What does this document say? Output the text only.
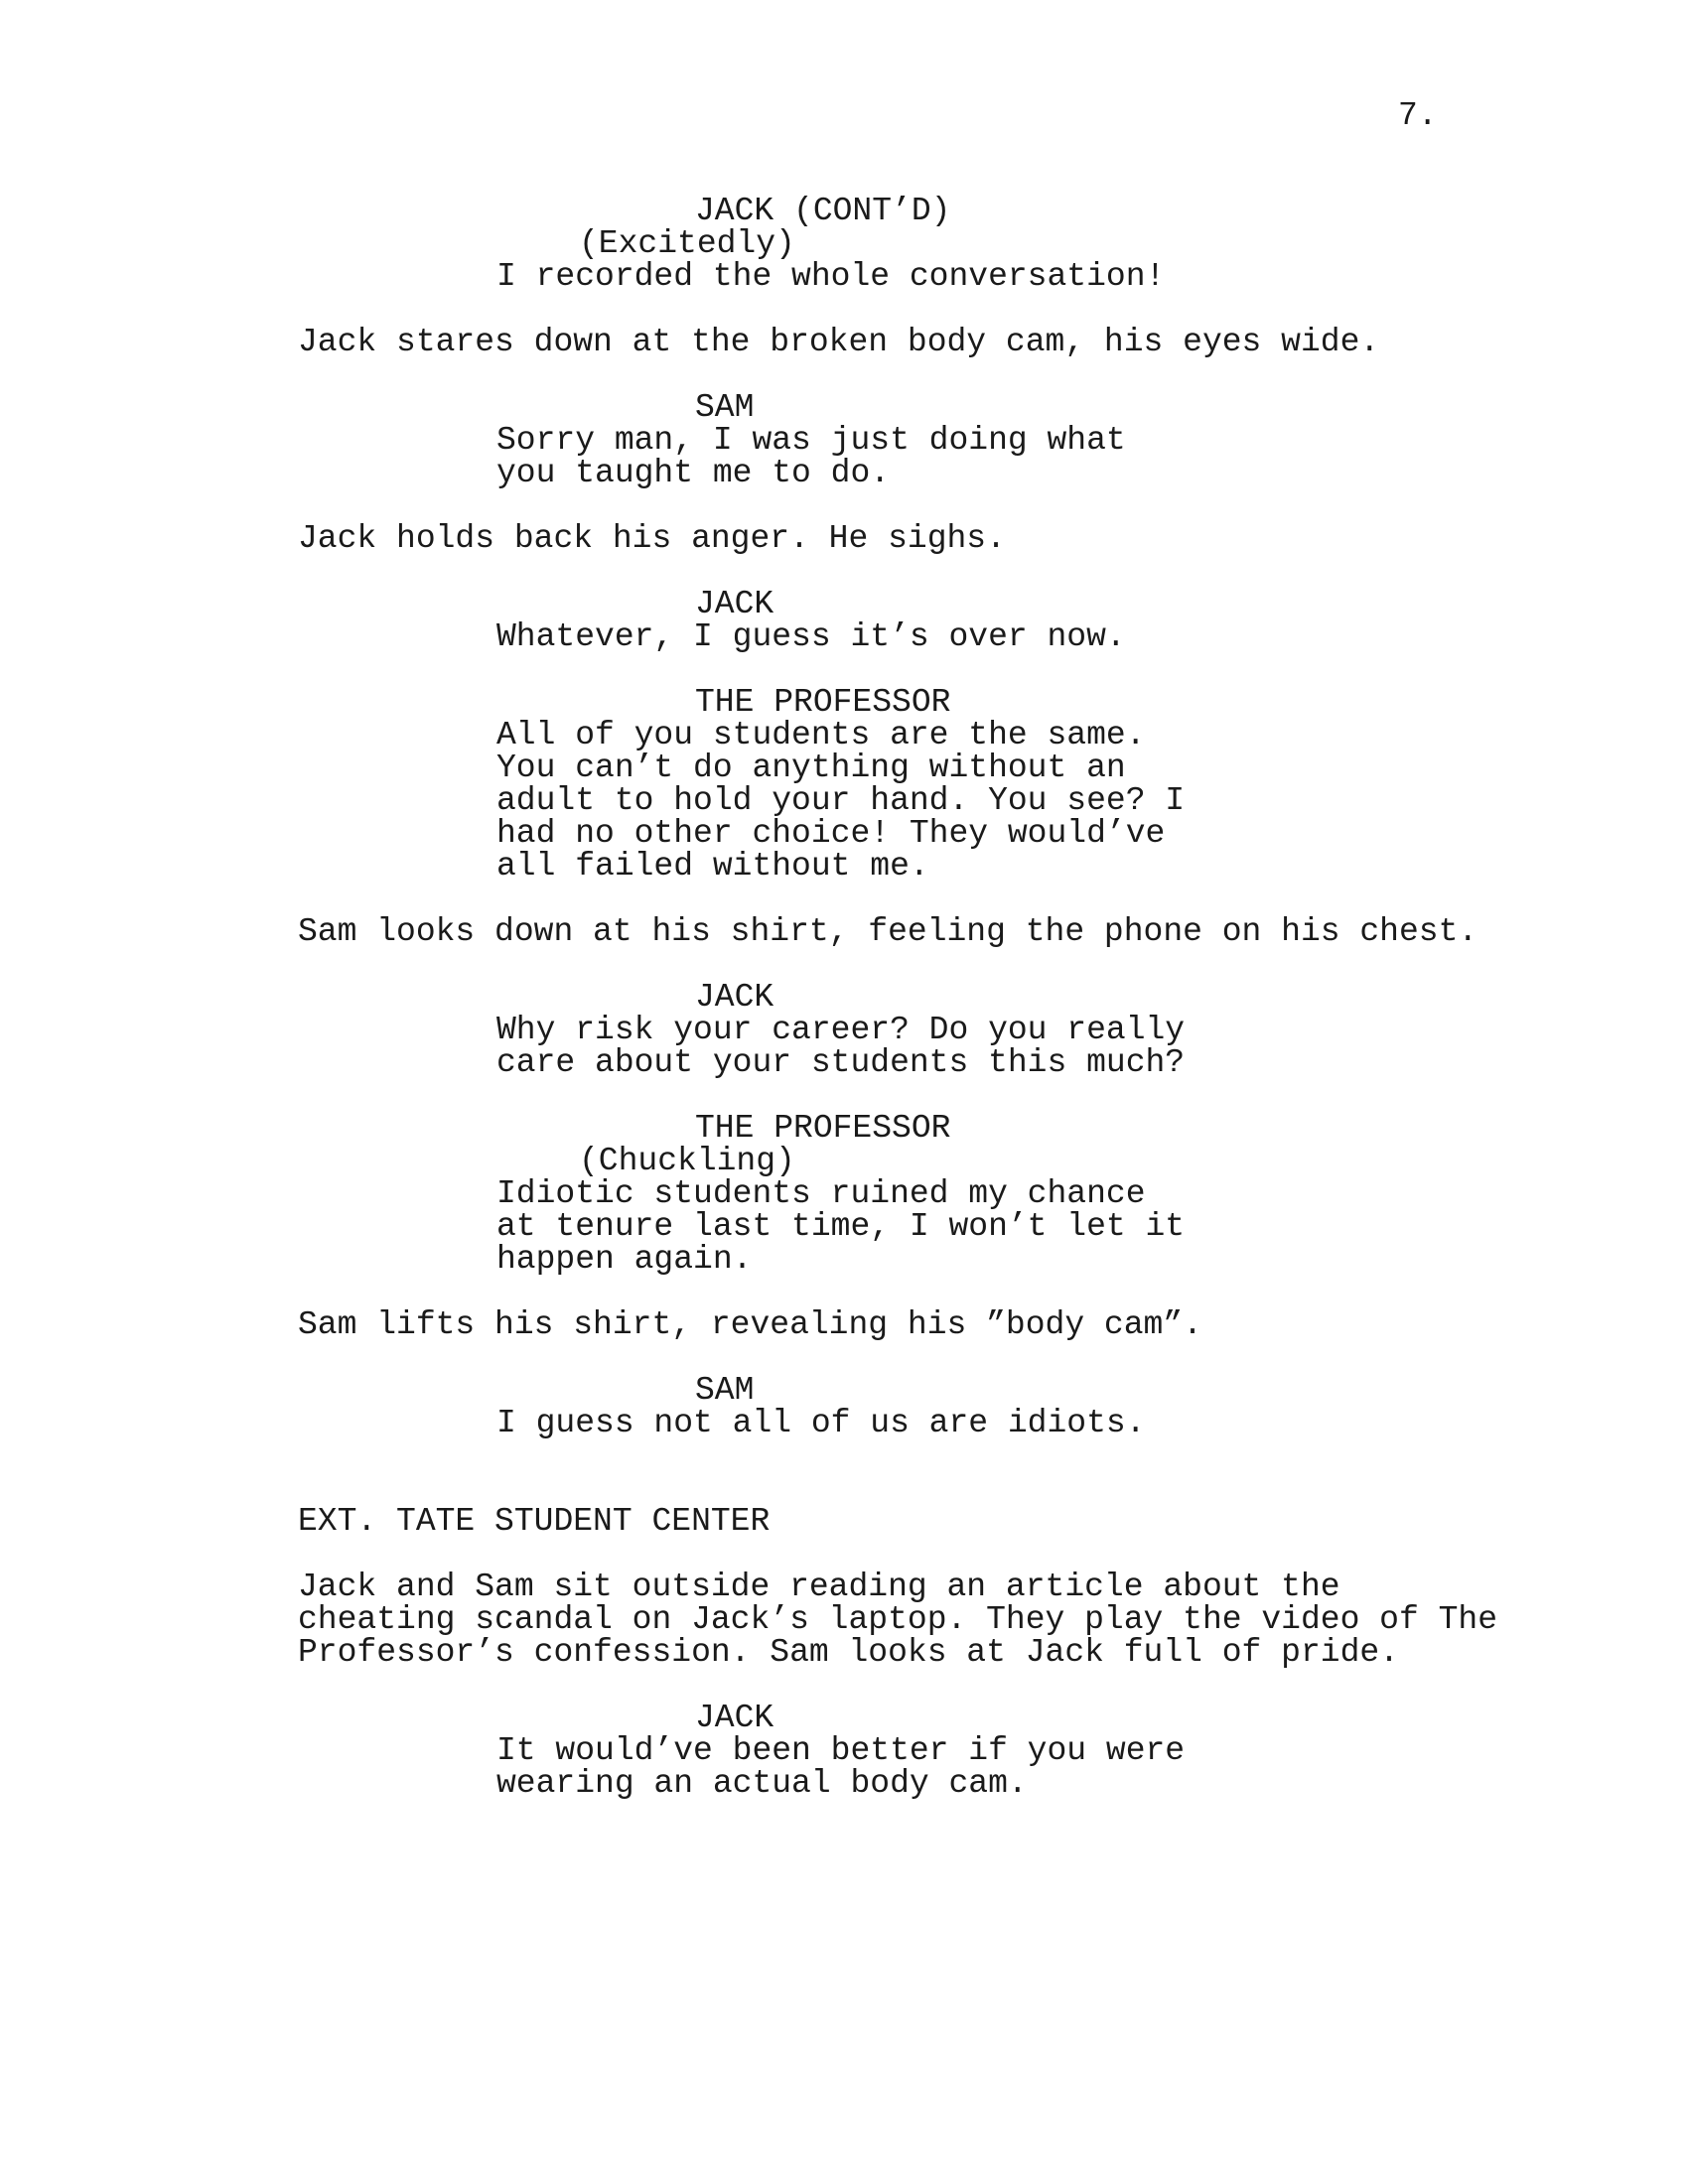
7.
JACK (CONT’D)
(Excitedly)
I recorded the whole conversation!
Jack stares down at the broken body cam, his eyes wide.
SAM
Sorry man, I was just doing what
you taught me to do.
Jack holds back his anger. He sighs.
JACK
Whatever, I guess it’s over now.
THE PROFESSOR
All of you students are the same.
You can’t do anything without an
adult to hold your hand. You see? I
had no other choice! They would’ve
all failed without me.
Sam looks down at his shirt, feeling the phone on his chest.
JACK
Why risk your career? Do you really
care about your students this much?
THE PROFESSOR
(Chuckling)
Idiotic students ruined my chance
at tenure last time, I won’t let it
happen again.
Sam lifts his shirt, revealing his ”body cam”.
SAM
I guess not all of us are idiots.
EXT. TATE STUDENT CENTER
Jack and Sam sit outside reading an article about the
cheating scandal on Jack’s laptop. They play the video of The
Professor’s confession. Sam looks at Jack full of pride.
JACK
It would’ve been better if you were
wearing an actual body cam.
